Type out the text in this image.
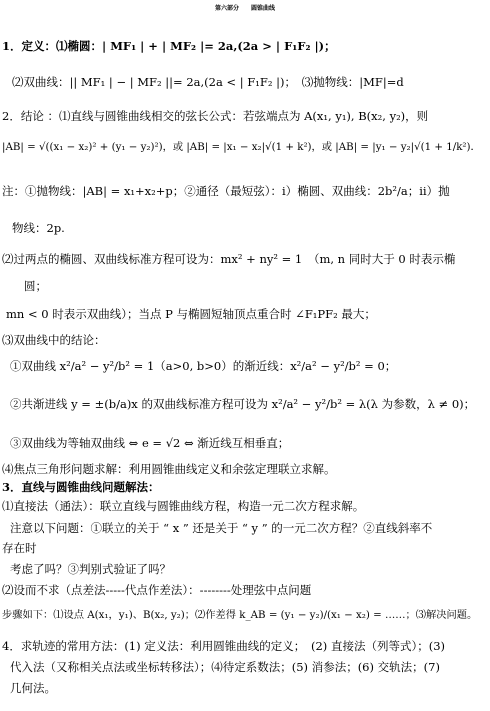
第六部分　　圆锥曲线
1．定义：⑴椭圆：| MF₁ | + | MF₂ |= 2a,(2a > | F₁F₂ |)；
⑵双曲线：|| MF₁ | − | MF₂ ||= 2a,(2a < | F₁F₂ |)；　⑶抛物线：|MF|=d
2．结论 ：⑴直线与圆锥曲线相交的弦长公式：若弦端点为 A(x₁, y₁), B(x₂, y₂)，则
|AB| = √((x₁ − x₂)² + (y₁ − y₂)²)，或 |AB| = |x₁ − x₂|√(1 + k²)，或 |AB| = |y₁ − y₂|√(1 + 1/k²)．
注：①抛物线：|AB| = x₁+x₂+p；②通径（最短弦）：ⅰ）椭圆、双曲线：2b²/a；ⅱ）抛
物线：2p.
⑵过两点的椭圆、双曲线标准方程可设为：mx² + ny² = 1　（m, n 同时大于 0 时表示椭
圆；
mn < 0 时表示双曲线）；当点 P 与椭圆短轴顶点重合时 ∠F₁PF₂ 最大；
⑶双曲线中的结论：
①双曲线 x²/a² − y²/b² = 1（a>0, b>0）的渐近线：x²/a² − y²/b² = 0；
②共渐进线 y = ±(b/a)x 的双曲线标准方程可设为 x²/a² − y²/b² = λ(λ 为参数，λ ≠ 0)；
③双曲线为等轴双曲线 ⇔ e = √2 ⇔ 渐近线互相垂直；
⑷焦点三角形问题求解：利用圆锥曲线定义和余弦定理联立求解。
3．直线与圆锥曲线问题解法：
⑴直接法（通法）：联立直线与圆锥曲线方程，构造一元二次方程求解。
注意以下问题：①联立的关于 “ x ” 还是关于 “ y ” 的一元二次方程？②直线斜率不
存在时
考虑了吗？③判别式验证了吗？
⑵设而不求（点差法-----代点作差法）：--------处理弦中点问题
步骤如下：⑴设点 A(x₁，y₁)、B(x₂, y₂)；⑵作差得 k_AB = (y₁ − y₂)/(x₁ − x₂) = ……；⑶解决问题。
4．求轨迹的常用方法：(1) 定义法：利用圆锥曲线的定义；　(2) 直接法（列等式）；(3)
代入法（又称相关点法或坐标转移法）；⑷待定系数法；(5) 消参法；(6) 交轨法；(7)
几何法。
